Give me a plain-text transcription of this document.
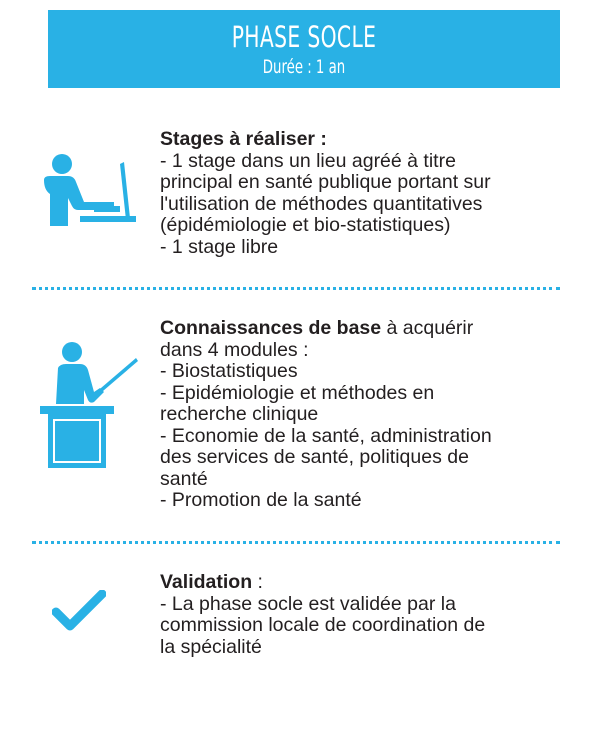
PHASE SOCLE
Durée : 1 an
Stages à réaliser :
- 1 stage dans un lieu agréé à titre
principal en santé publique portant sur
l'utilisation de méthodes quantitatives
(épidémiologie et bio-statistiques)
- 1 stage libre
Connaissances de base à acquérir
dans 4 modules :
- Biostatistiques
- Epidémiologie et méthodes en
recherche clinique
- Economie de la santé, administration
des services de santé, politiques de
santé
- Promotion de la santé
Validation :
- La phase socle est validée par la
commission locale de coordination de
la spécialité
